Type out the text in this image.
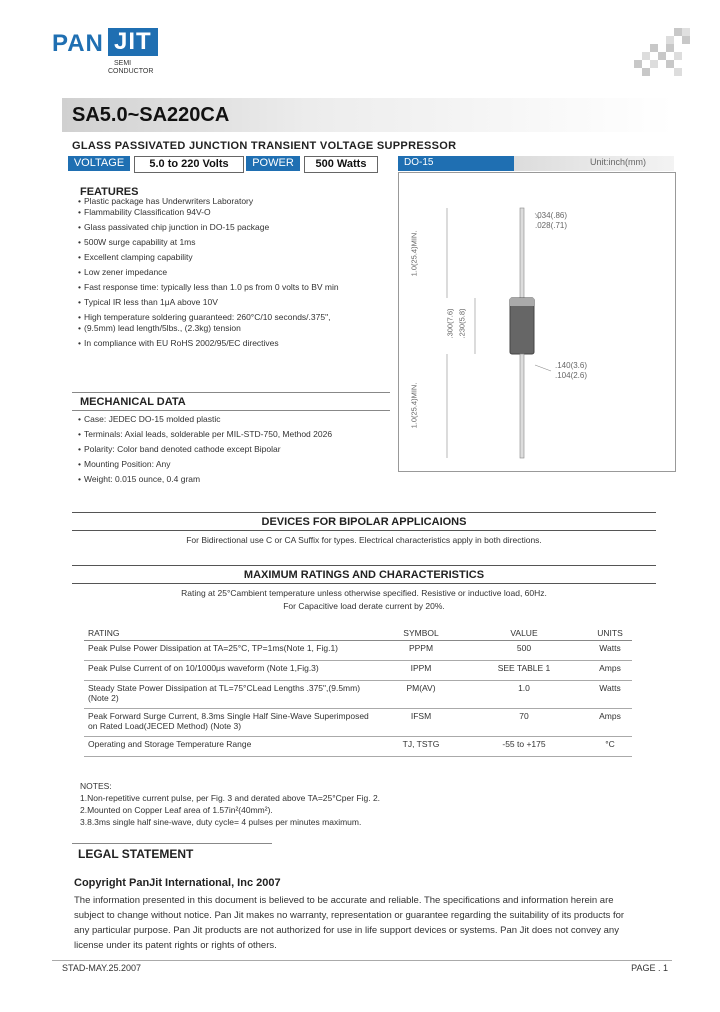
PAN JIT
SEMI
CONDUCTOR
SA5.0~SA220CA
GLASS PASSIVATED JUNCTION TRANSIENT VOLTAGE SUPPRESSOR
VOLTAGE	5.0 to 220 Volts	POWER	500 Watts	DO-15	Unit:inch(mm)
.034(.86)
.028(.71)
.140(3.6)
.104(2.6)
1.0(25.4)MIN.
.300(7.6) .230(5.8)
1.0(25.4)MIN.
FEATURES
• Plastic package has Underwriters Laboratory
• Flammability Classification 94V-O
• Glass passivated chip junction in DO-15 package
• 500W surge capability at 1ms
• Excellent clamping capability
• Low zener impedance
• Fast response time: typically less than 1.0 ps from 0 volts to BV min
• Typical IR less than 1μA above 10V
• High temperature soldering guaranteed: 260°C/10 seconds/.375",
• (9.5mm) lead length/5lbs., (2.3kg) tension
• In compliance with EU RoHS 2002/95/EC directives
MECHANICAL DATA
• Case: JEDEC DO-15 molded plastic
• Terminals: Axial leads, solderable per MIL-STD-750, Method 2026
• Polarity: Color band denoted cathode except Bipolar
• Mounting Position: Any
• Weight: 0.015 ounce, 0.4 gram
DEVICES FOR BIPOLAR APPLICAIONS
For Bidirectional use C or CA Suffix for types. Electrical characteristics apply in both directions.
MAXIMUM RATINGS AND CHARACTERISTICS
Rating at 25°Cambient temperature unless otherwise specified. Resistive or inductive load, 60Hz.
For Capacitive load derate current by 20%.
RATING	SYMBOL	VALUE	UNITS
Peak Pulse Power Dissipation at TA=25°C, TP=1ms(Note 1, Fig.1)	PPPM	500	Watts
Peak Pulse Current of on 10/1000μs waveform (Note 1,Fig.3)	IPPM	SEE TABLE 1	Amps
Steady State Power Dissipation at TL=75°CLead Lengths .375",(9.5mm) (Note 2)	PM(AV)	1.0	Watts
Peak Forward Surge Current, 8.3ms Single Half Sine-Wave Superimposed on Rated Load(JECED Method) (Note 3)	IFSM	70	Amps
Operating and Storage Temperature Range	TJ, TSTG	-55 to +175	°C
NOTES:
1.Non-repetitive current pulse, per Fig. 3 and derated above TA=25°Cper Fig. 2.
2.Mounted on Copper Leaf area of 1.57in²(40mm²).
3.8.3ms single half sine-wave, duty cycle= 4 pulses per minutes maximum.
LEGAL STATEMENT
Copyright PanJit International, Inc 2007
The information presented in this document is believed to be accurate and reliable. The specifications and information herein are subject to change without notice. Pan Jit makes no warranty, representation or guarantee regarding the suitability of its products for any particular purpose. Pan Jit products are not authorized for use in life support devices or systems. Pan Jit does not convey any license under its patent rights or rights of others.
STAD-MAY.25.2007	PAGE . 1
